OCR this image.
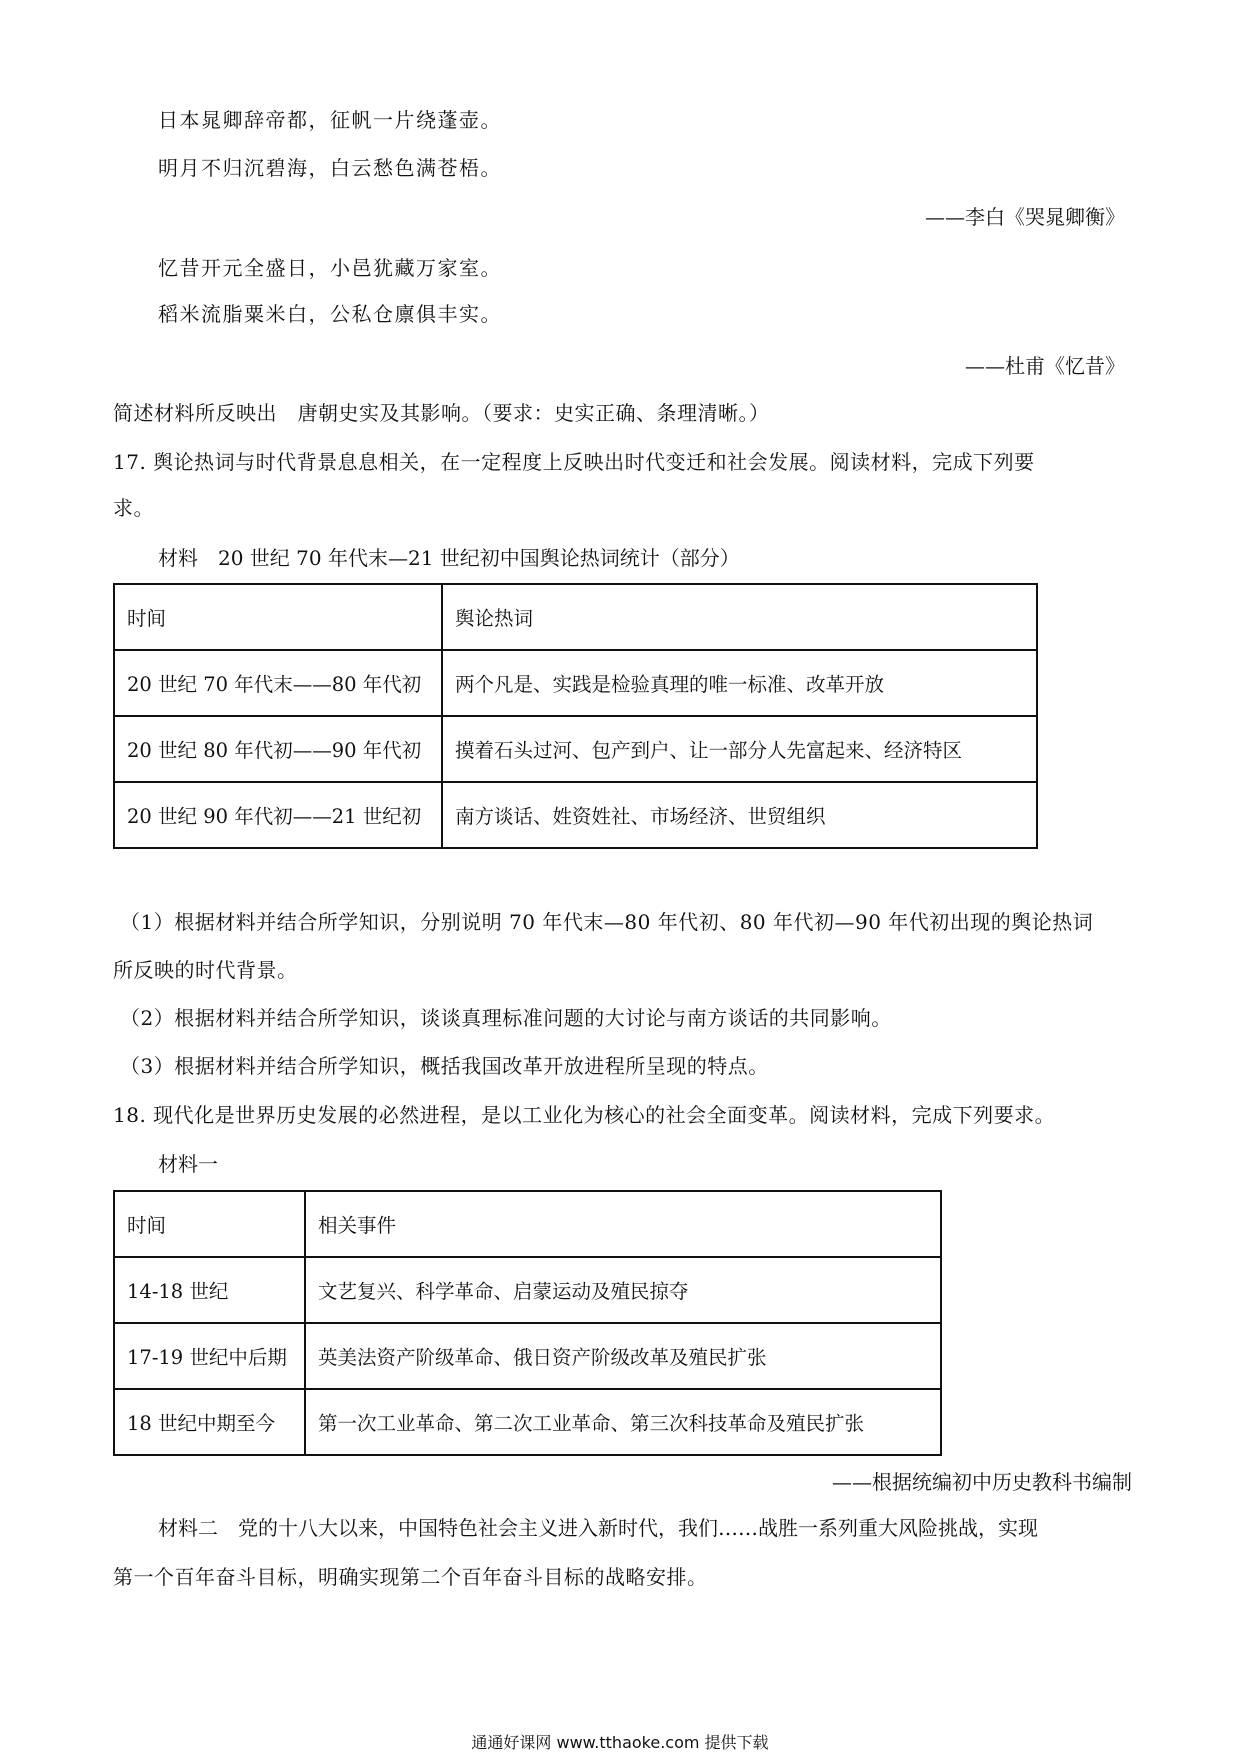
日本晁卿辞帝都，征帆一片绕蓬壶。
明月不归沉碧海，白云愁色满苍梧。
——李白《哭晁卿衡》
忆昔开元全盛日，小邑犹藏万家室。
稻米流脂粟米白，公私仓廪俱丰实。
——杜甫《忆昔》
简述材料所反映出　唐朝史实及其影响。（要求：史实正确、条理清晰。）
17. 舆论热词与时代背景息息相关，在一定程度上反映出时代变迁和社会发展。阅读材料，完成下列要
求。
材料　20 世纪 70 年代末—21 世纪初中国舆论热词统计（部分）
时间	舆论热词
20 世纪 70 年代末——80 年代初	两个凡是、实践是检验真理的唯一标准、改革开放
20 世纪 80 年代初——90 年代初	摸着石头过河、包产到户、让一部分人先富起来、经济特区
20 世纪 90 年代初——21 世纪初	南方谈话、姓资姓社、市场经济、世贸组织
（1）根据材料并结合所学知识，分别说明 70 年代末—80 年代初、80 年代初—90 年代初出现的舆论热词
所反映的时代背景。
（2）根据材料并结合所学知识，谈谈真理标准问题的大讨论与南方谈话的共同影响。
（3）根据材料并结合所学知识，概括我国改革开放进程所呈现的特点。
18. 现代化是世界历史发展的必然进程，是以工业化为核心的社会全面变革。阅读材料，完成下列要求。
材料一
时间	相关事件
14-18 世纪	文艺复兴、科学革命、启蒙运动及殖民掠夺
17-19 世纪中后期	英美法资产阶级革命、俄日资产阶级改革及殖民扩张
18 世纪中期至今	第一次工业革命、第二次工业革命、第三次科技革命及殖民扩张
——根据统编初中历史教科书编制
材料二　党的十八大以来，中国特色社会主义进入新时代，我们……战胜一系列重大风险挑战，实现
第一个百年奋斗目标，明确实现第二个百年奋斗目标的战略安排。
通通好课网 www.tthaoke.com 提供下载
